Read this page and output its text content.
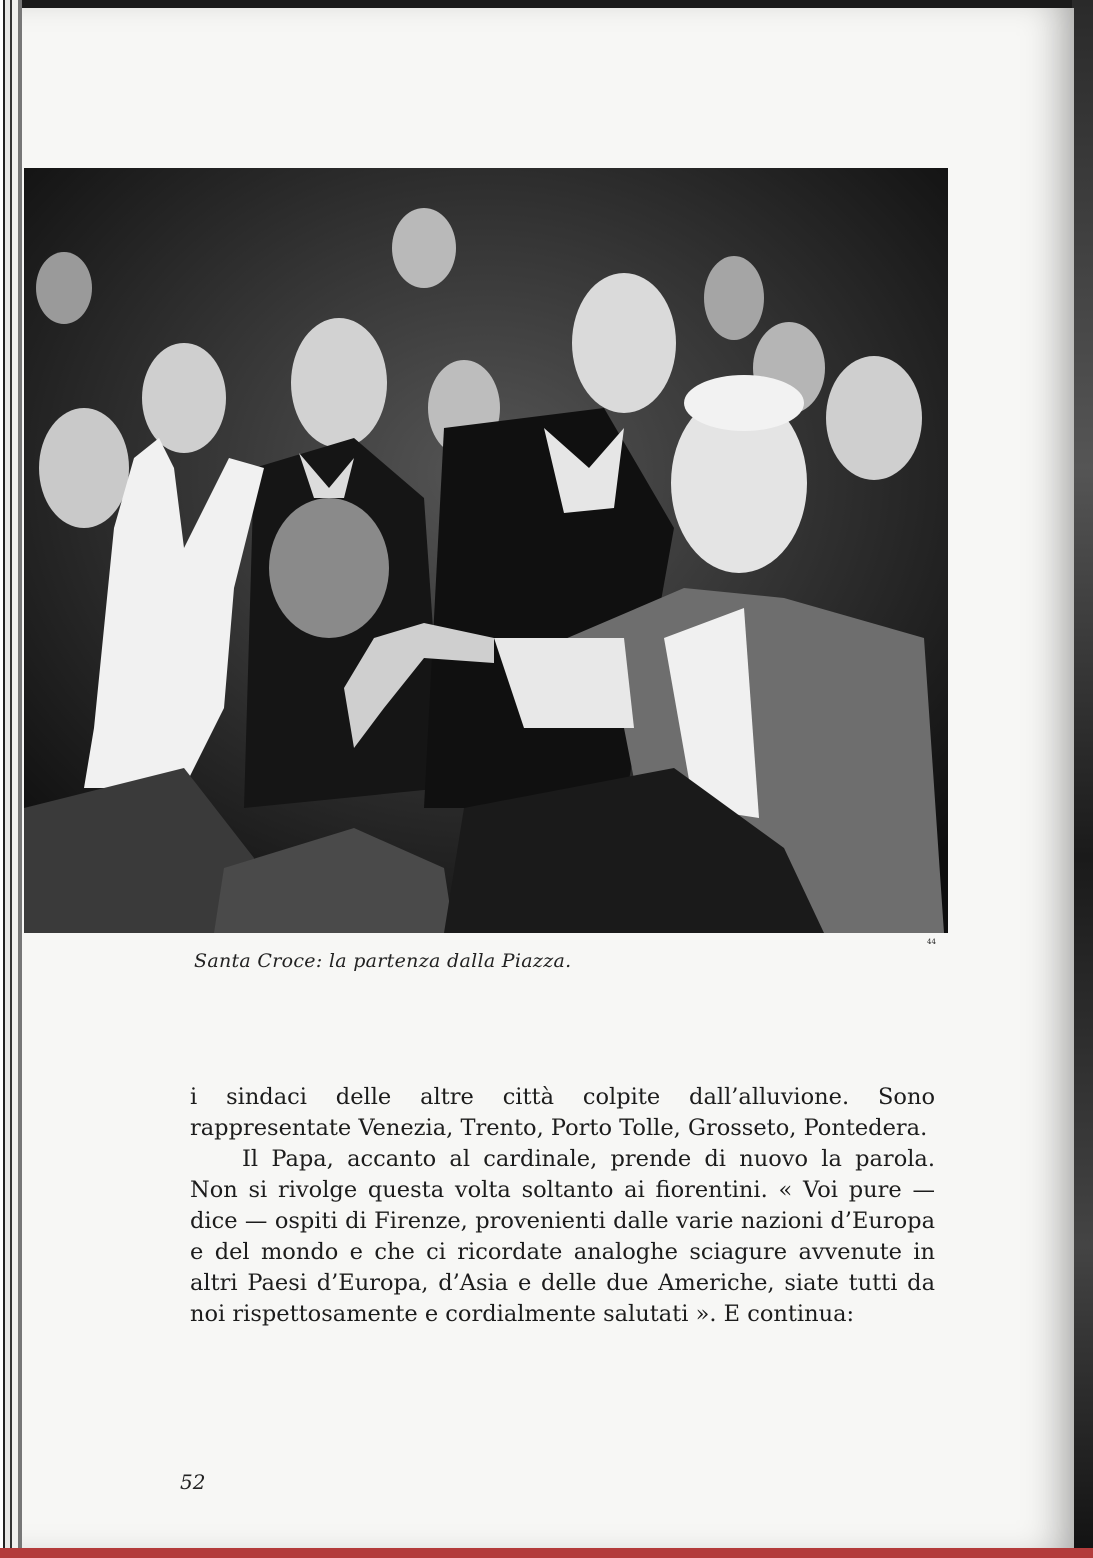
44
Santa Croce: la partenza dalla Piazza.

i sindaci delle altre città colpite dall’alluvione. Sono rappresentate Venezia, Trento, Porto Tolle, Grosseto, Pontedera.

Il Papa, accanto al cardinale, prende di nuovo la parola. Non si rivolge questa volta soltanto ai fiorentini. « Voi pure — dice — ospiti di Firenze, provenienti dalle varie nazioni d’Europa e del mondo e che ci ricordate analoghe sciagure avvenute in altri Paesi d’Europa, d’Asia e delle due Americhe, siate tutti da noi rispettosamente e cordialmente salutati ». E continua:

52
